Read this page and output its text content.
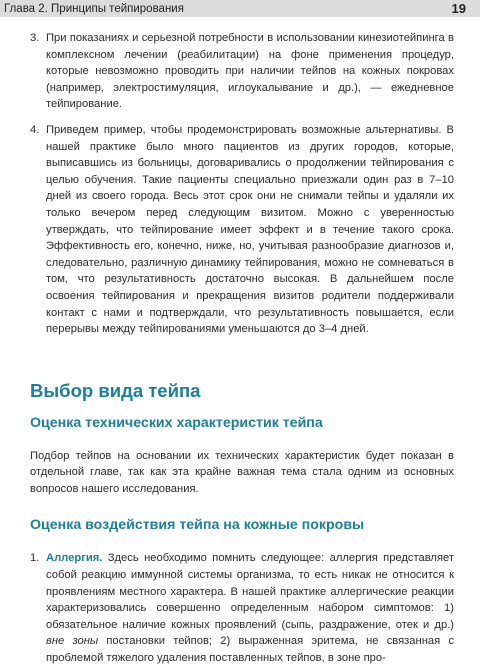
Глава 2. Принципы тейпирования	19
3. При показаниях и серьезной потребности в использовании кинезиотейпинга в комплексном лечении (реабилитации) на фоне применения процедур, которые невозможно проводить при наличии тейпов на кожных покровах (например, электростимуляция, иглоукалывание и др.), — ежедневное тейпирование.
4. Приведем пример, чтобы продемонстрировать возможные альтернативы. В нашей практике было много пациентов из других городов, которые, выписавшись из больницы, договаривались о продолжении тейпирования с целью обучения. Такие пациенты специально приезжали один раз в 7–10 дней из своего города. Весь этот срок они не снимали тейпы и удаляли их только вечером перед следующим визитом. Можно с уверенностью утверждать, что тейпирование имеет эффект и в течение такого срока. Эффективность его, конечно, ниже, но, учитывая разнообразие диагнозов и, следовательно, различную динамику тейпирования, можно не сомневаться в том, что результативность достаточно высокая. В дальнейшем после освоения тейпирования и прекращения визитов родители поддерживали контакт с нами и подтверждали, что результативность повышается, если перерывы между тейпированиями уменьшаются до 3–4 дней.
Выбор вида тейпа
Оценка технических характеристик тейпа
Подбор тейпов на основании их технических характеристик будет показан в отдельной главе, так как эта крайне важная тема стала одним из основных вопросов нашего исследования.
Оценка воздействия тейпа на кожные покровы
1. Аллергия. Здесь необходимо помнить следующее: аллергия представляет собой реакцию иммунной системы организма, то есть никак не относится к проявлениям местного характера. В нашей практике аллергические реакции характеризовались совершенно определенным набором симптомов: 1) обязательное наличие кожных проявлений (сыпь, раздражение, отек и др.) вне зоны постановки тейпов; 2) выраженная эритема, не связанная с проблемой тяжелого удаления поставленных тейпов, в зоне про-
